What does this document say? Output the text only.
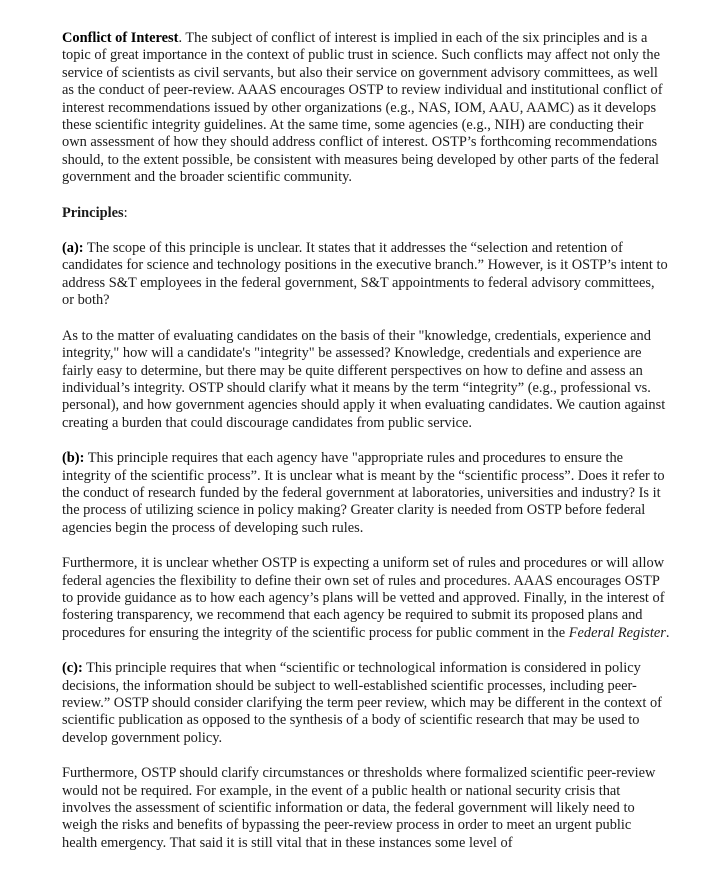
Conflict of Interest. The subject of conflict of interest is implied in each of the six principles and is a topic of great importance in the context of public trust in science. Such conflicts may affect not only the service of scientists as civil servants, but also their service on government advisory committees, as well as the conduct of peer-review. AAAS encourages OSTP to review individual and institutional conflict of interest recommendations issued by other organizations (e.g., NAS, IOM, AAU, AAMC) as it develops these scientific integrity guidelines. At the same time, some agencies (e.g., NIH) are conducting their own assessment of how they should address conflict of interest. OSTP’s forthcoming recommendations should, to the extent possible, be consistent with measures being developed by other parts of the federal government and the broader scientific community.

Principles:

(a): The scope of this principle is unclear. It states that it addresses the “selection and retention of candidates for science and technology positions in the executive branch.” However, is it OSTP’s intent to address S&T employees in the federal government, S&T appointments to federal advisory committees, or both?

As to the matter of evaluating candidates on the basis of their "knowledge, credentials, experience and integrity," how will a candidate's "integrity" be assessed? Knowledge, credentials and experience are fairly easy to determine, but there may be quite different perspectives on how to define and assess an individual’s integrity. OSTP should clarify what it means by the term “integrity” (e.g., professional vs. personal), and how government agencies should apply it when evaluating candidates. We caution against creating a burden that could discourage candidates from public service.

(b): This principle requires that each agency have "appropriate rules and procedures to ensure the integrity of the scientific process”. It is unclear what is meant by the “scientific process”. Does it refer to the conduct of research funded by the federal government at laboratories, universities and industry? Is it the process of utilizing science in policy making? Greater clarity is needed from OSTP before federal agencies begin the process of developing such rules.

Furthermore, it is unclear whether OSTP is expecting a uniform set of rules and procedures or will allow federal agencies the flexibility to define their own set of rules and procedures. AAAS encourages OSTP to provide guidance as to how each agency’s plans will be vetted and approved. Finally, in the interest of fostering transparency, we recommend that each agency be required to submit its proposed plans and procedures for ensuring the integrity of the scientific process for public comment in the Federal Register.

(c): This principle requires that when “scientific or technological information is considered in policy decisions, the information should be subject to well-established scientific processes, including peer-review.” OSTP should consider clarifying the term peer review, which may be different in the context of scientific publication as opposed to the synthesis of a body of scientific research that may be used to develop government policy.

Furthermore, OSTP should clarify circumstances or thresholds where formalized scientific peer-review would not be required. For example, in the event of a public health or national security crisis that involves the assessment of scientific information or data, the federal government will likely need to weigh the risks and benefits of bypassing the peer-review process in order to meet an urgent public health emergency. That said it is still vital that in these instances some level of
